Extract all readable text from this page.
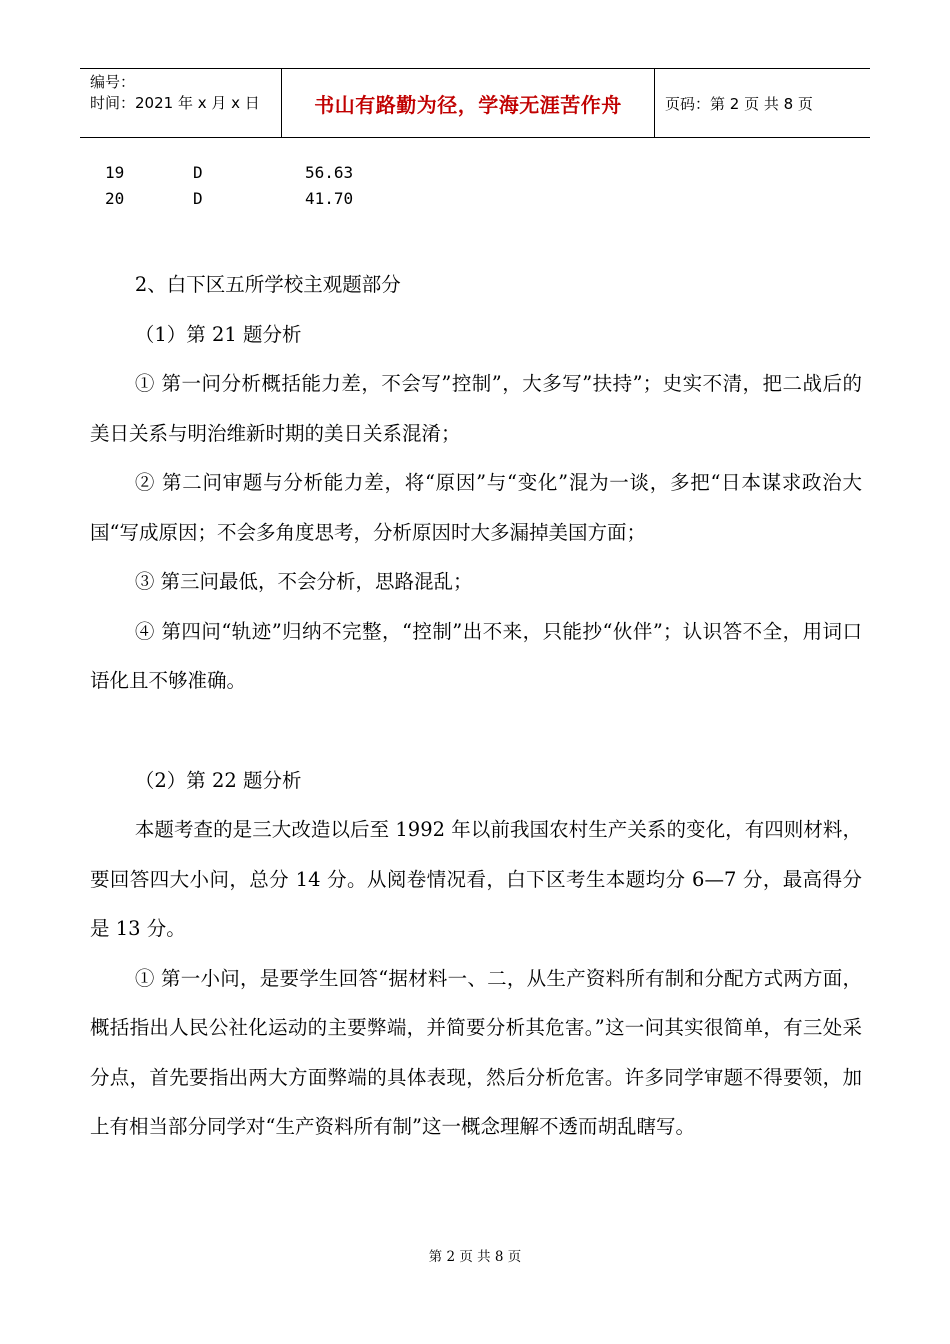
编号：
时间：2021 年 x 月 x 日	书山有路勤为径，学海无涯苦作舟	页码：第 2 页 共 8 页
19	D	56.63
20	D	41.70

2、白下区五所学校主观题部分

（1）第 21 题分析

① 第一问分析概括能力差，不会写”控制”，大多写”扶持”；史实不清，把二战后的美日关系与明治维新时期的美日关系混淆；

② 第二问审题与分析能力差，将“原因”与“变化”混为一谈，多把“日本谋求政治大国“写成原因；不会多角度思考，分析原因时大多漏掉美国方面；

③ 第三问最低，不会分析，思路混乱；

④ 第四问“轨迹”归纳不完整，“控制”出不来，只能抄“伙伴”；认识答不全，用词口语化且不够准确。

（2）第 22 题分析

本题考查的是三大改造以后至 1992 年以前我国农村生产关系的变化，有四则材料，要回答四大小问，总分 14 分。从阅卷情况看，白下区考生本题均分 6—7 分，最高得分是 13 分。

① 第一小问，是要学生回答“据材料一、二，从生产资料所有制和分配方式两方面，概括指出人民公社化运动的主要弊端，并简要分析其危害。”这一问其实很简单，有三处采分点，首先要指出两大方面弊端的具体表现，然后分析危害。许多同学审题不得要领，加上有相当部分同学对“生产资料所有制”这一概念理解不透而胡乱瞎写。

第 2 页 共 8 页
